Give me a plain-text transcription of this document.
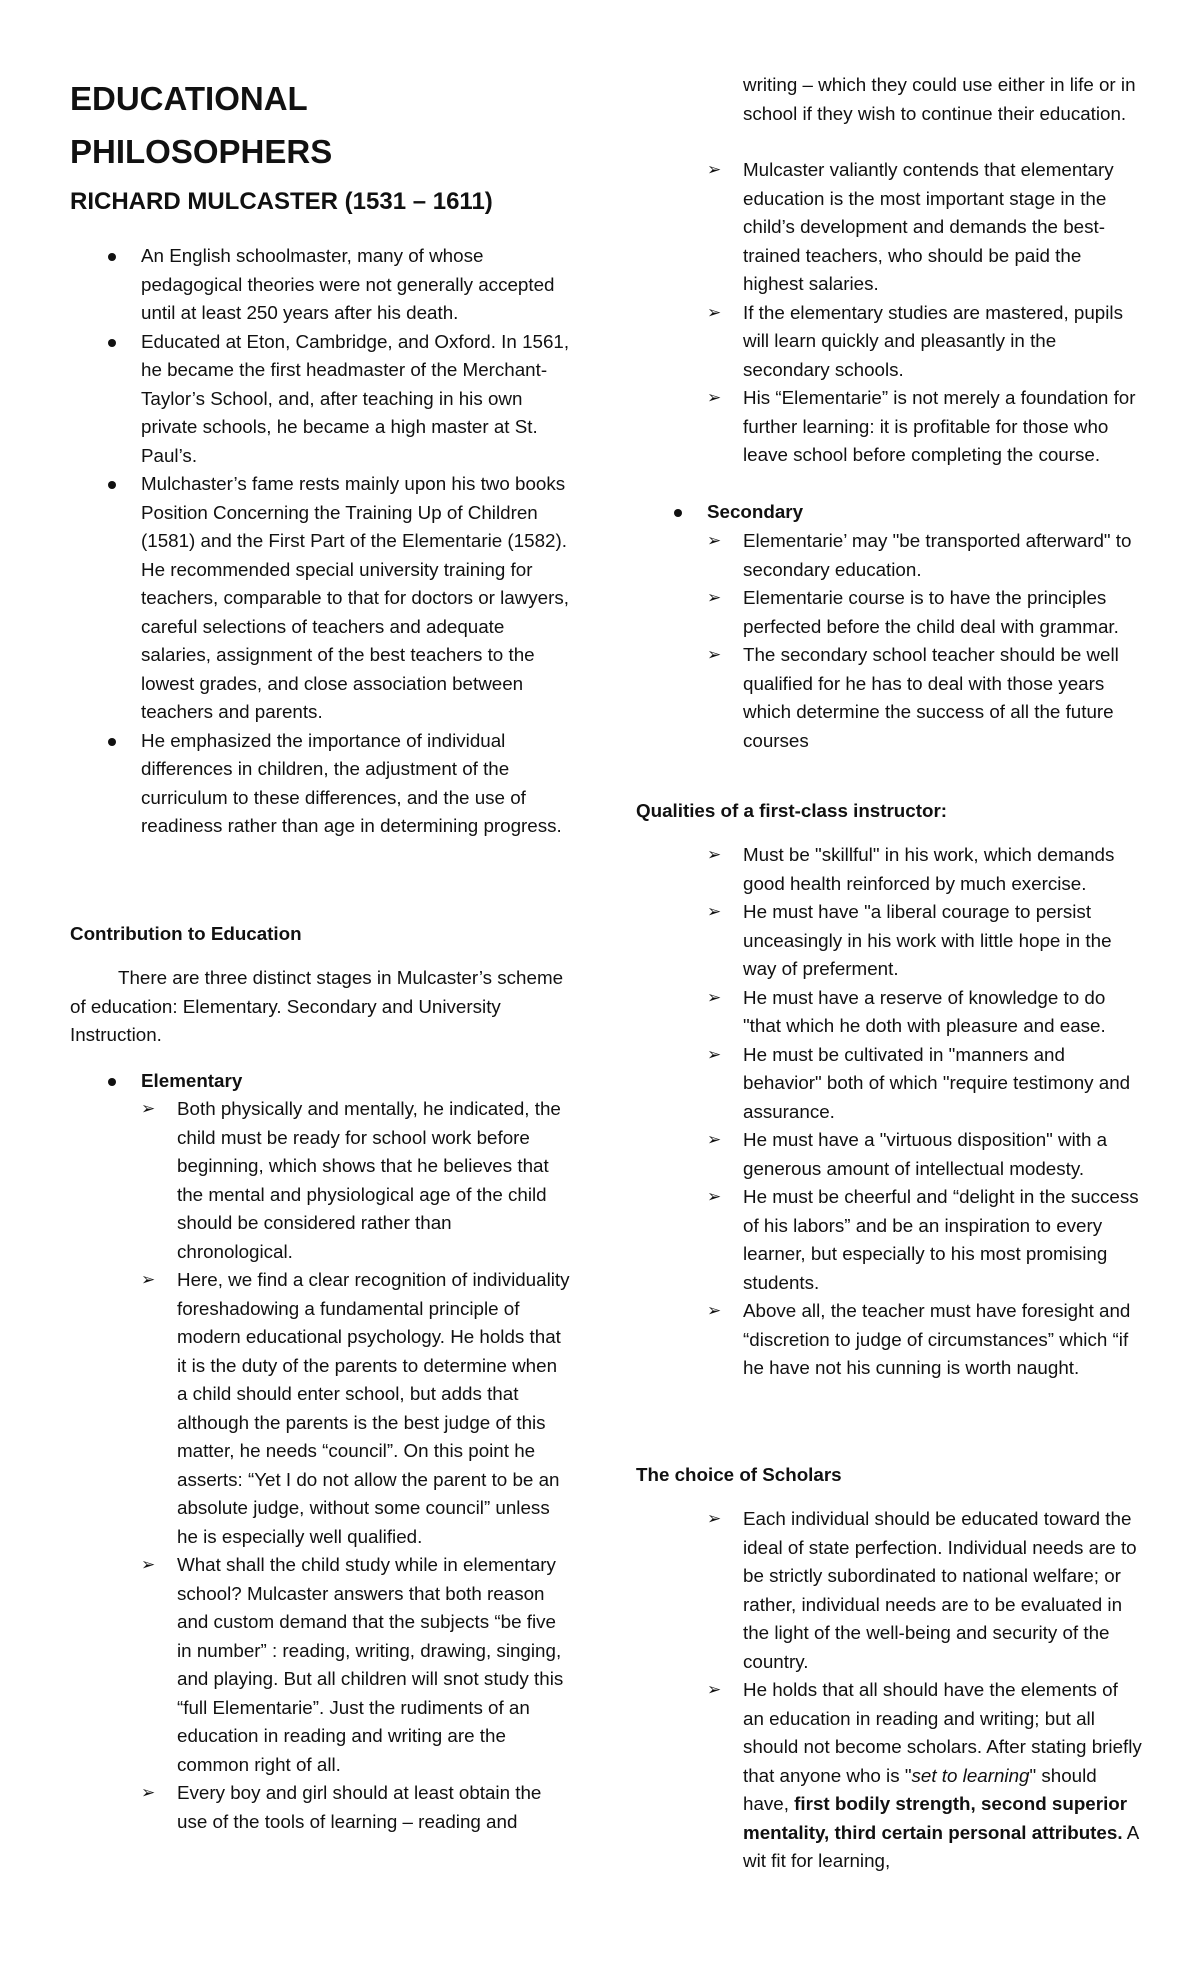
EDUCATIONAL PHILOSOPHERS
RICHARD MULCASTER (1531 – 1611)
An English schoolmaster, many of whose pedagogical theories were not generally accepted until at least 250 years after his death.
Educated at Eton, Cambridge, and Oxford. In 1561, he became the first headmaster of the Merchant-Taylor’s School, and, after teaching in his own private schools, he became a high master at St. Paul’s.
Mulchaster’s fame rests mainly upon his two books Position Concerning the Training Up of Children (1581) and the First Part of the Elementarie (1582). He recommended special university training for teachers, comparable to that for doctors or lawyers, careful selections of teachers and adequate salaries, assignment of the best teachers to the lowest grades, and close association between teachers and parents.
He emphasized the importance of individual differences in children, the adjustment of the curriculum to these differences, and the use of readiness rather than age in determining progress.

Contribution to Education

There are three distinct stages in Mulcaster’s scheme of education: Elementary. Secondary and University Instruction.

Elementary
➢ Both physically and mentally, he indicated, the child must be ready for school work before beginning, which shows that he believes that the mental and physiological age of the child should be considered rather than chronological.
➢ Here, we find a clear recognition of individuality foreshadowing a fundamental principle of modern educational psychology. He holds that it is the duty of the parents to determine when a child should enter school, but adds that although the parents is the best judge of this matter, he needs “council”. On this point he asserts: “Yet I do not allow the parent to be an absolute judge, without some council” unless he is especially well qualified.
➢ What shall the child study while in elementary school? Mulcaster answers that both reason and custom demand that the subjects “be five in number” : reading, writing, drawing, singing, and playing. But all children will snot study this “full Elementarie”. Just the rudiments of an education in reading and writing are the common right of all.
➢ Every boy and girl should at least obtain the use of the tools of learning – reading and

writing – which they could use either in life or in school if they wish to continue their education.

➢ Mulcaster valiantly contends that elementary education is the most important stage in the child’s development and demands the best-trained teachers, who should be paid the highest salaries.
➢ If the elementary studies are mastered, pupils will learn quickly and pleasantly in the secondary schools.
➢ His “Elementarie” is not merely a foundation for further learning: it is profitable for those who leave school before completing the course.
Secondary
➢ Elementarie’ may "be transported afterward" to secondary education.
➢ Elementarie course is to have the principles perfected before the child deal with grammar.
➢ The secondary school teacher should be well qualified for he has to deal with those years which determine the success of all the future courses

Qualities of a first-class instructor:

➢ Must be "skillful" in his work, which demands good health reinforced by much exercise.
➢ He must have "a liberal courage to persist unceasingly in his work with little hope in the way of preferment.
➢ He must have a reserve of knowledge to do "that which he doth with pleasure and ease.
➢ He must be cultivated in "manners and behavior" both of which "require testimony and assurance.
➢ He must have a "virtuous disposition" with a generous amount of intellectual modesty.
➢ He must be cheerful and “delight in the success of his labors” and be an inspiration to every learner, but especially to his most promising students.
➢ Above all, the teacher must have foresight and “discretion to judge of circumstances” which “if he have not his cunning is worth naught.

The choice of Scholars

➢ Each individual should be educated toward the ideal of state perfection. Individual needs are to be strictly subordinated to national welfare; or rather, individual needs are to be evaluated in the light of the well-being and security of the country.
➢ He holds that all should have the elements of an education in reading and writing; but all should not become scholars. After stating briefly that anyone who is "set to learning" should have, first bodily strength, second superior mentality, third certain personal attributes. A wit fit for learning,
